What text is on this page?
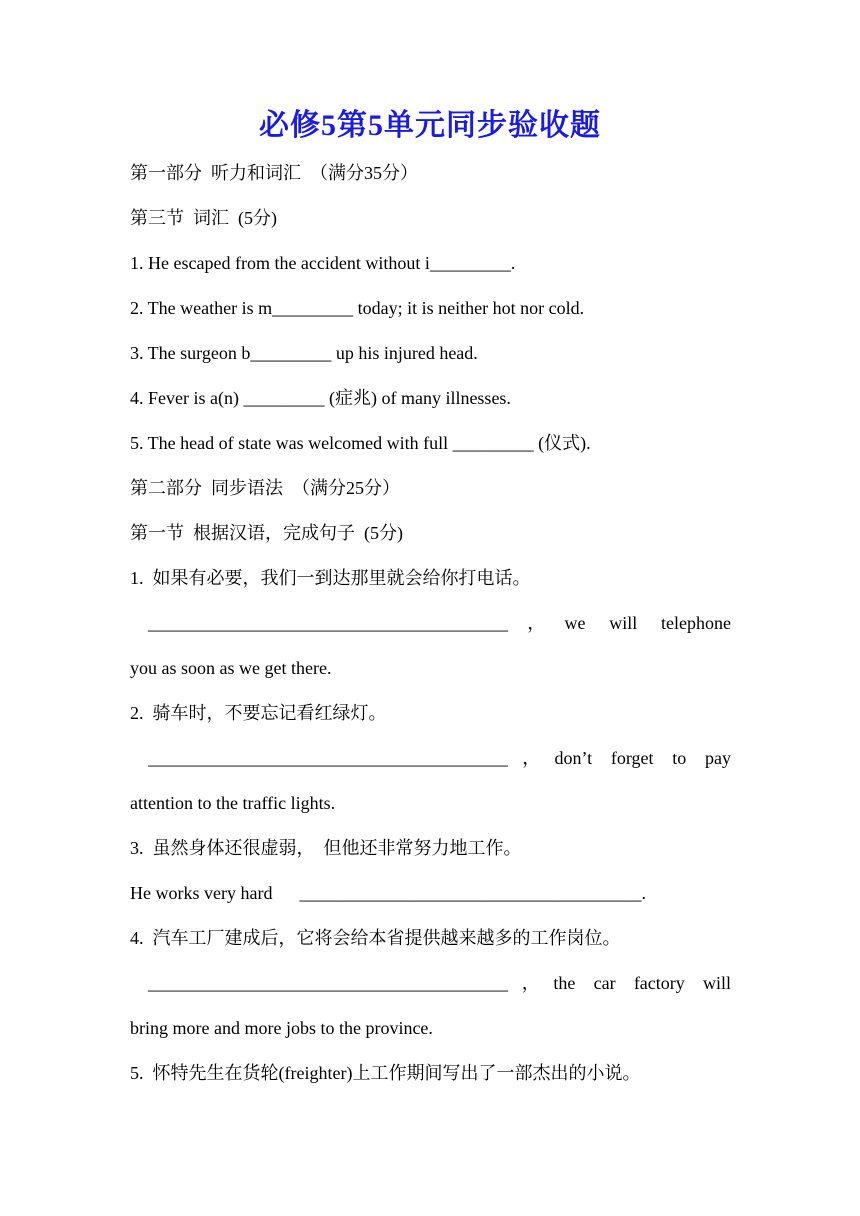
必修5第5单元同步验收题
第一部分  听力和词汇  （满分35分）
第三节  词汇  (5分)
1. He escaped from the accident without i_________.
2. The weather is m_________ today; it is neither hot nor cold.
3. The surgeon b_________ up his injured head.
4. Fever is a(n) _________ (症兆) of many illnesses.
5. The head of state was welcomed with full _________ (仪式).
第二部分  同步语法  （满分25分）
第一节  根据汉语，完成句子  (5分)
1.  如果有必要，我们一到达那里就会给你打电话。
________________________________________，we will telephone
you as soon as we get there.
2.  骑车时，不要忘记看红绿灯。
________________________________________，don’t forget to pay
attention to the traffic lights.
3.  虽然身体还很虚弱，  但他还非常努力地工作。
He works very hard      ______________________________________.
4.  汽车工厂建成后，它将会给本省提供越来越多的工作岗位。
________________________________________，the car factory will
bring more and more jobs to the province.
5.  怀特先生在货轮(freighter)上工作期间写出了一部杰出的小说。
